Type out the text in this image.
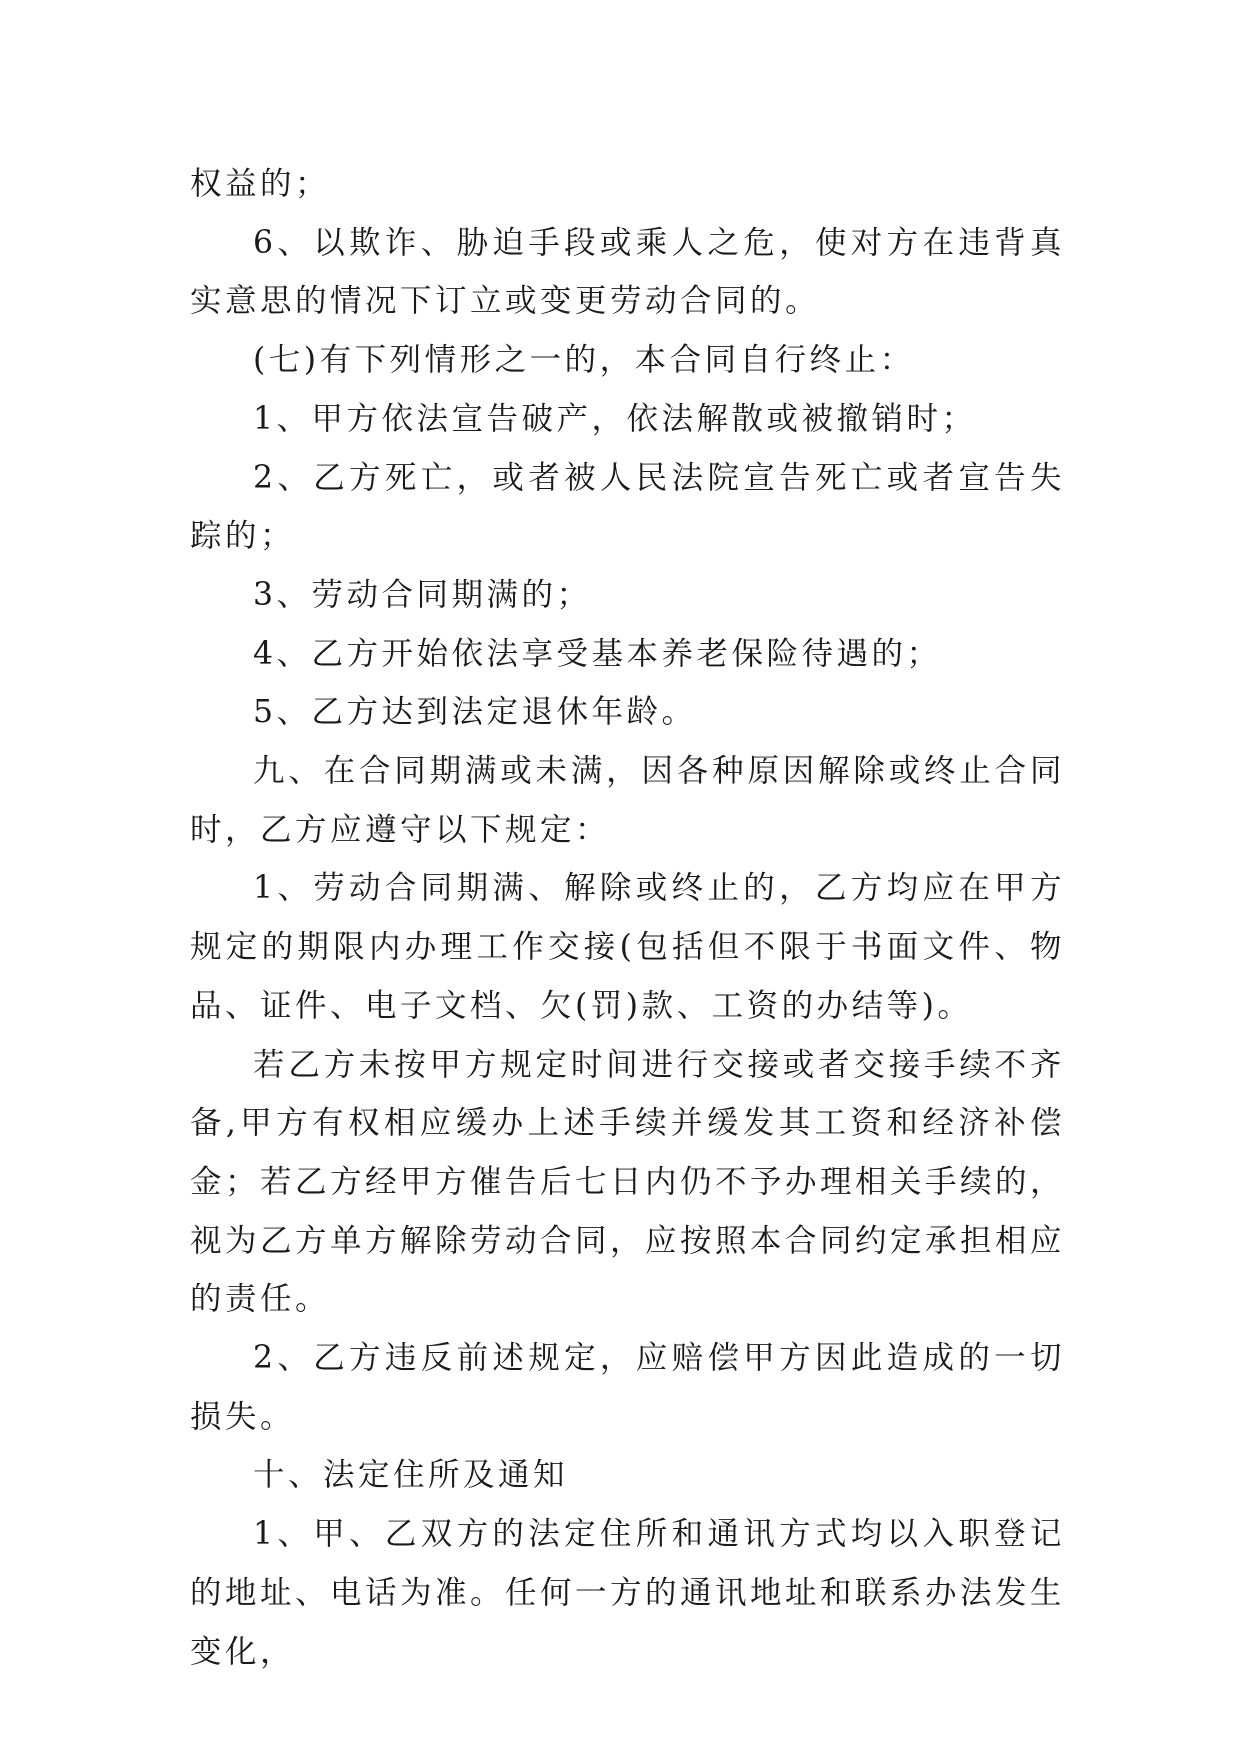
权益的；

6、以欺诈、胁迫手段或乘人之危，使对方在违背真实意思的情况下订立或变更劳动合同的。

(七)有下列情形之一的，本合同自行终止：

1、甲方依法宣告破产，依法解散或被撤销时；

2、乙方死亡，或者被人民法院宣告死亡或者宣告失踪的；

3、劳动合同期满的；

4、乙方开始依法享受基本养老保险待遇的；

5、乙方达到法定退休年龄。

九、在合同期满或未满，因各种原因解除或终止合同时，乙方应遵守以下规定：

1、劳动合同期满、解除或终止的，乙方均应在甲方规定的期限内办理工作交接(包括但不限于书面文件、物品、证件、电子文档、欠(罚)款、工资的办结等)。

若乙方未按甲方规定时间进行交接或者交接手续不齐备,甲方有权相应缓办上述手续并缓发其工资和经济补偿金；若乙方经甲方催告后七日内仍不予办理相关手续的，视为乙方单方解除劳动合同，应按照本合同约定承担相应的责任。

2、乙方违反前述规定，应赔偿甲方因此造成的一切损失。

十、法定住所及通知

1、甲、乙双方的法定住所和通讯方式均以入职登记的地址、电话为准。任何一方的通讯地址和联系办法发生变化，
